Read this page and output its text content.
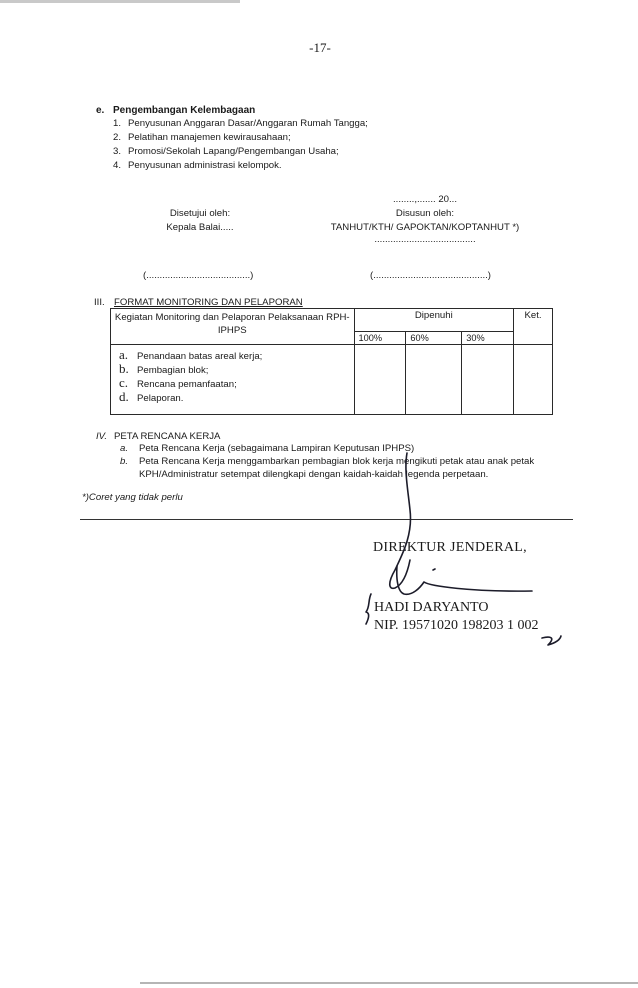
-17-
e. Pengembangan Kelembagaan
1. Penyusunan Anggaran Dasar/Anggaran Rumah Tangga;
2. Pelatihan manajemen kewirausahaan;
3. Promosi/Sekolah Lapang/Pengembangan Usaha;
4. Penyusunan administrasi kelompok.
Disetujui oleh:
Kepala Balai.....
........,....... 20...
Disusun oleh:
TANHUT/KTH/ GAPOKTAN/KOPTANHUT *)
......................................
(.......................................)	(...........................................)
III. FORMAT MONITORING DAN PELAPORAN
Kegiatan Monitoring dan Pelaporan Pelaksanaan RPH-IPHPS	Dipenuhi			Ket.
	100%	60%	30%	

a. Penandaan batas areal kerja;
b. Pembagian blok;
c. Rencana pemanfaatan;
d. Pelaporan.				

IV. PETA RENCANA KERJA
a. Peta Rencana Kerja (sebagaimana Lampiran Keputusan IPHPS)
b. Peta Rencana Kerja menggambarkan pembagian blok kerja mengikuti petak atau anak petak
KPH/Administratur setempat dilengkapi dengan kaidah-kaidah legenda perpetaan.
*)Coret yang tidak perlu
DIREKTUR JENDERAL,
HADI DARYANTO
NIP. 19571020 198203 1 002
